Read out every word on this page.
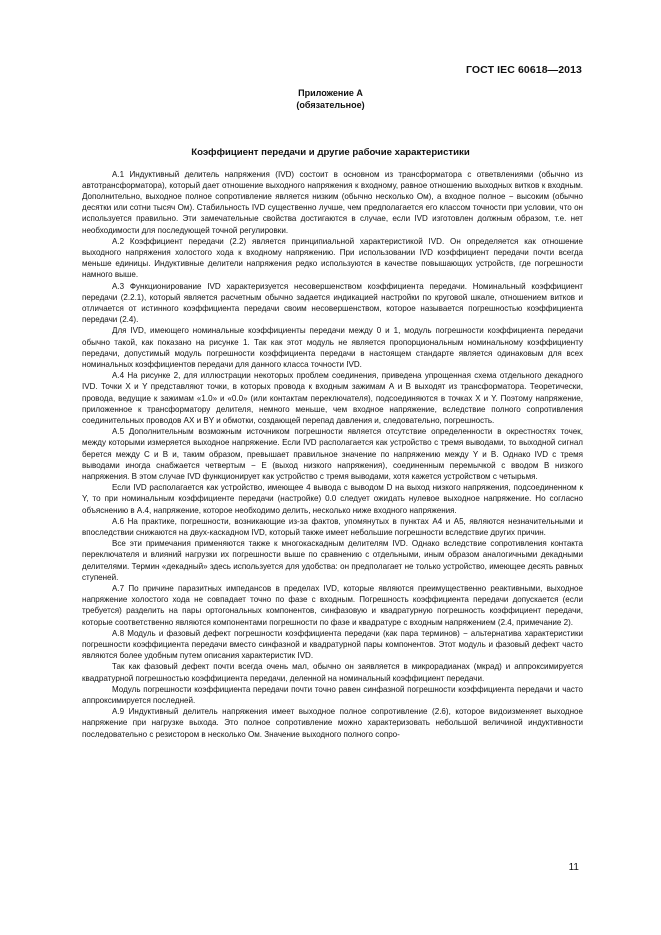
ГОСТ IEC 60618—2013
Приложение А
(обязательное)
Коэффициент передачи и другие рабочие характеристики

А.1 Индуктивный делитель напряжения (IVD) состоит в основном из трансформатора с ответвлениями (обычно из автотрансформатора), который дает отношение выходного напряжения к входному, равное отношению выходных витков к входным. Дополнительно, выходное полное сопротивление является низким (обычно несколько Ом), а входное полное − высоким (обычно десятки или сотни тысяч Ом). Стабильность IVD существенно лучше, чем предполагается его классом точности при условии, что он используется правильно. Эти замечательные свойства достигаются в случае, если IVD изготовлен должным образом, т.е. нет необходимости для последующей точной регулировки.

А.2 Коэффициент передачи (2.2) является принципиальной характеристикой IVD. Он определяется как отношение выходного напряжения холостого хода к входному напряжению. При использовании IVD коэффициент передачи почти всегда меньше единицы. Индуктивные делители напряжения редко используются в качестве повышающих устройств, где погрешности намного выше.

А.3 Функционирование IVD характеризуется несовершенством коэффициента передачи. Номинальный коэффициент передачи (2.2.1), который является расчетным обычно задается индикацией настройки по круговой шкале, отношением витков и отличается от истинного коэффициента передачи своим несовершенством, которое называется погрешностью коэффициента передачи (2.4).

Для IVD, имеющего номинальные коэффициенты передачи между 0 и 1, модуль погрешности коэффициента передачи обычно такой, как показано на рисунке 1. Так как этот модуль не является пропорциональным номинальному коэффициенту передачи, допустимый модуль погрешности коэффициента передачи в настоящем стандарте является одинаковым для всех номинальных коэффициентов передачи для данного класса точности IVD.

А.4 На рисунке 2, для иллюстрации некоторых проблем соединения, приведена упрощенная схема отдельного декадного IVD. Точки X и Y представляют точки, в которых провода к входным зажимам А и В выходят из трансформатора. Теоретически, провода, ведущие к зажимам «1.0» и «0.0» (или контактам переключателя), подсоединяются в точках X и Y. Поэтому напряжение, приложенное к трансформатору делителя, немного меньше, чем входное напряжение, вследствие полного сопротивления соединительных проводов АХ и BY и обмотки, создающей перепад давления и, следовательно, погрешность.

А.5 Дополнительным возможным источником погрешности является отсутствие определенности в окрестностях точек, между которыми измеряется выходное напряжение. Если IVD располагается как устройство с тремя выводами, то выходной сигнал берется между С и В и, таким образом, превышает правильное значение по напряжению между Y и В. Однако IVD с тремя выводами иногда снабжается четвертым − Е (выход низкого напряжения), соединенным перемычкой с вводом В низкого напряжения. В этом случае IVD функционирует как устройство с тремя выводами, хотя кажется устройством с четырьмя.

Если IVD располагается как устройство, имеющее 4 вывода с выводом D на выход низкого напряжения, подсоединенном к Y, то при номинальным коэффициенте передачи (настройке) 0.0 следует ожидать нулевое выходное напряжение. Но согласно объяснению в А.4, напряжение, которое необходимо делить, несколько ниже входного напряжения.

А.6 На практике, погрешности, возникающие из-за фактов, упомянутых в пунктах А4 и А5, являются незначительными и впоследствии снижаются на двух-каскадном IVD, который также имеет небольшие погрешности вследствие других причин.

Все эти примечания применяются также к многокаскадным делителям IVD. Однако вследствие сопротивления контакта переключателя и влияний нагрузки их погрешности выше по сравнению с отдельными, иным образом аналогичными декадными делителями. Термин «декадный» здесь используется для удобства: он предполагает не только устройство, имеющее десять равных ступеней.

А.7 По причине паразитных импедансов в пределах IVD, которые являются преимущественно реактивными, выходное напряжение холостого хода не совпадает точно по фазе с входным. Погрешность коэффициента передачи допускается (если требуется) разделить на пары ортогональных компонентов, синфазовую и квадратурную погрешность коэффициент передачи, которые соответственно являются компонентами погрешности по фазе и квадратуре с входным напряжением (2.4, примечание 2).

А.8 Модуль и фазовый дефект погрешности коэффициента передачи (как пара терминов) − альтернатива характеристики погрешности коэффициента передачи вместо синфазной и квадратурной пары компонентов. Этот модуль и фазовый дефект часто являются более удобным путем описания характеристик IVD.

Так как фазовый дефект почти всегда очень мал, обычно он заявляется в микрорадианах (мкрад) и аппроксимируется квадратурной погрешностью коэффициента передачи, деленной на номинальный коэффициент передачи.

Модуль погрешности коэффициента передачи почти точно равен синфазной погрешности коэффициента передачи и часто аппроксимируется последней.

А.9 Индуктивный делитель напряжения имеет выходное полное сопротивление (2.6), которое видоизменяет выходное напряжение при нагрузке выхода. Это полное сопротивление можно характеризовать небольшой величиной индуктивности последовательно с резистором в несколько Ом. Значение выходного полного сопро-

11
